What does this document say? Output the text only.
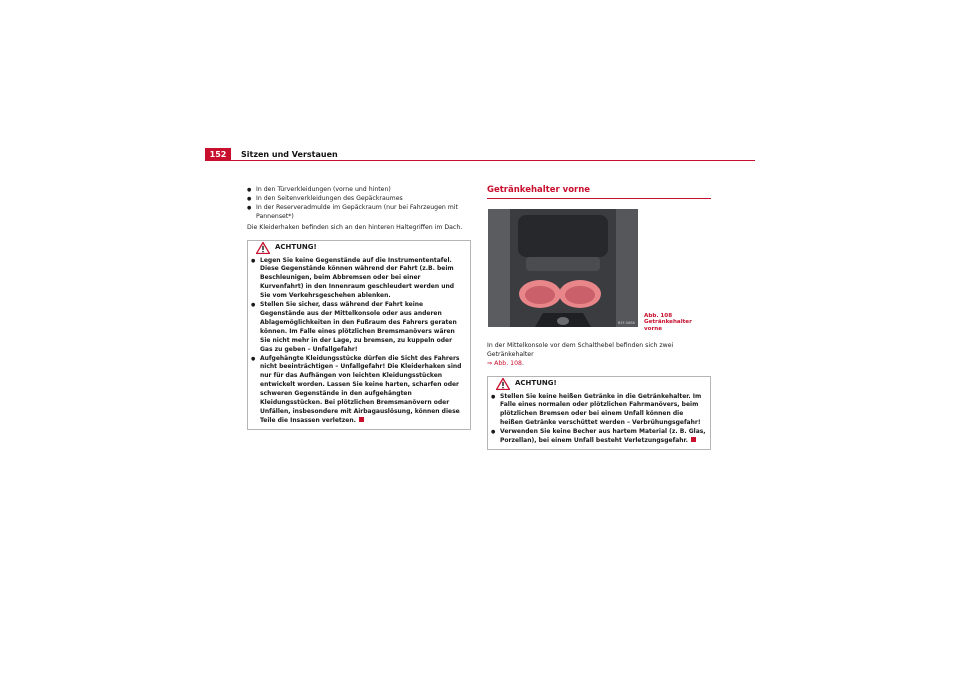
152	Sitzen und Verstauen
● In den Türverkleidungen (vorne und hinten)
● In den Seitenverkleidungen des Gepäckraumes
● In der Reserveradmulde im Gepäckraum (nur bei Fahrzeugen mit Pannenset*)
Die Kleiderhaken befinden sich an den hinteren Haltegriffen im Dach.
ACHTUNG!
● Legen Sie keine Gegenstände auf die Instrumententafel. Diese Gegenstände können während der Fahrt (z.B. beim Beschleunigen, beim Abbremsen oder bei einer Kurvenfahrt) in den Innenraum geschleudert werden und Sie vom Verkehrsgeschehen ablenken.
● Stellen Sie sicher, dass während der Fahrt keine Gegenstände aus der Mittelkonsole oder aus anderen Ablagemöglichkeiten in den Fußraum des Fahrers geraten können. Im Falle eines plötzlichen Bremsmanövers wären Sie nicht mehr in der Lage, zu bremsen, zu kuppeln oder Gas zu geben – Unfallgefahr!
● Aufgehängte Kleidungsstücke dürfen die Sicht des Fahrers nicht beeinträchtigen – Unfallgefahr! Die Kleiderhaken sind nur für das Aufhängen von leichten Kleidungsstücken entwickelt worden. Lassen Sie keine harten, scharfen oder schweren Gegenstände in den aufgehängten Kleidungsstücken. Bei plötzlichen Bremsmanövern oder Unfällen, insbesondere mit Airbagauslösung, können diese Teile die Insassen verletzen.
Getränkehalter vorne
B5F-0686
Abb. 108 Getränkehalter vorne
In der Mittelkonsole vor dem Schalthebel befinden sich zwei Getränkehalter
⇒ Abb. 108.
ACHTUNG!
● Stellen Sie keine heißen Getränke in die Getränkehalter. Im Falle eines normalen oder plötzlichen Fahrmanövers, beim plötzlichen Bremsen oder bei einem Unfall können die heißen Getränke verschüttet werden – Verbrühungsgefahr!
● Verwenden Sie keine Becher aus hartem Material (z. B. Glas, Porzellan), bei einem Unfall besteht Verletzungsgefahr.
